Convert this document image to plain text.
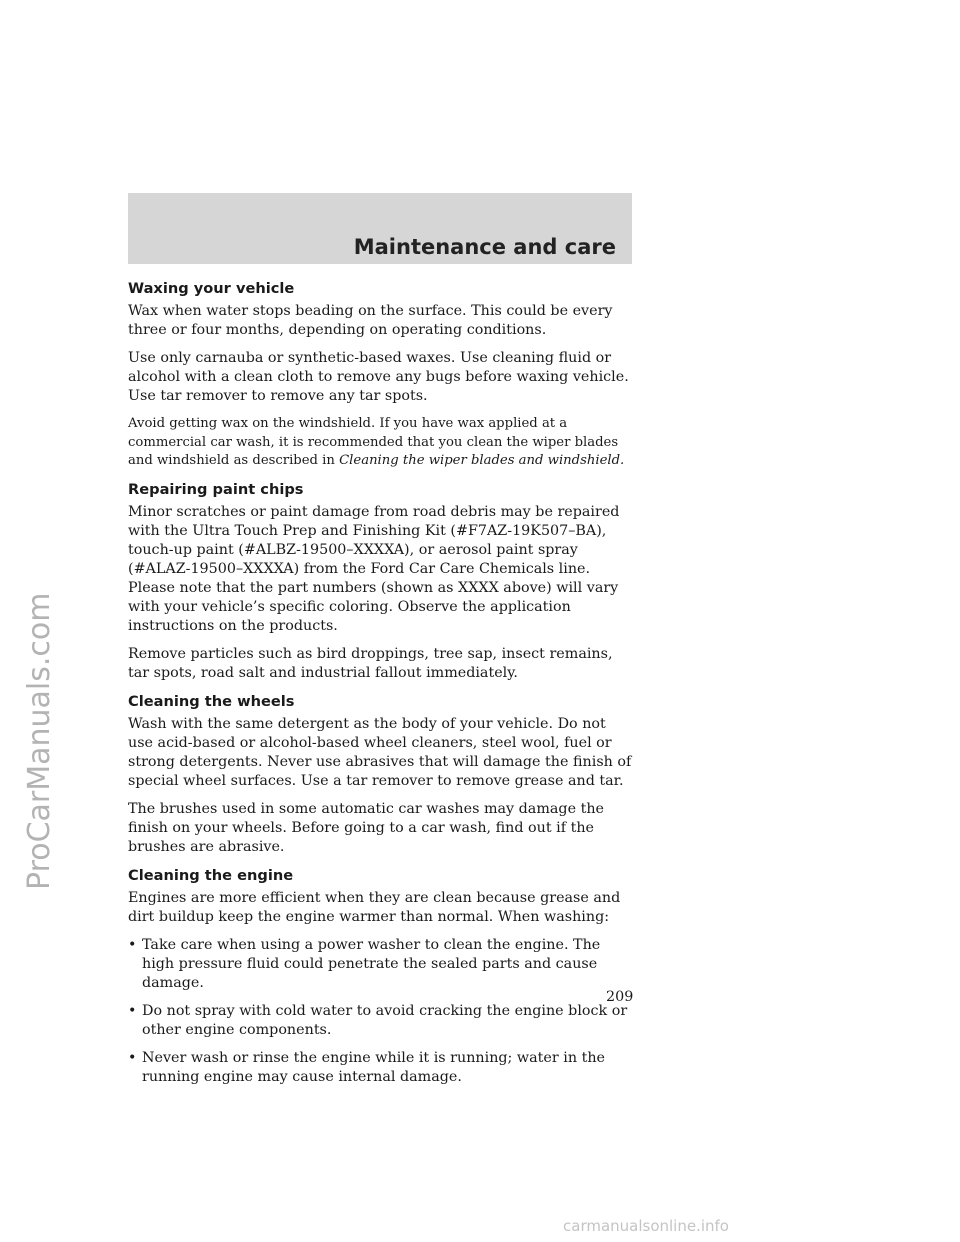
Maintenance and care
ProCarManuals.com
Waxing your vehicle

Wax when water stops beading on the surface. This could be every three or four months, depending on operating conditions.

Use only carnauba or synthetic-based waxes. Use cleaning fluid or alcohol with a clean cloth to remove any bugs before waxing vehicle. Use tar remover to remove any tar spots.

Avoid getting wax on the windshield. If you have wax applied at a commercial car wash, it is recommended that you clean the wiper blades and windshield as described in Cleaning the wiper blades and windshield.

Repairing paint chips

Minor scratches or paint damage from road debris may be repaired with the Ultra Touch Prep and Finishing Kit (#F7AZ-19K507–BA), touch-up paint (#ALBZ-19500–XXXXA), or aerosol paint spray (#ALAZ-19500–XXXXA) from the Ford Car Care Chemicals line. Please note that the part numbers (shown as XXXX above) will vary with your vehicle’s specific coloring. Observe the application instructions on the products.

Remove particles such as bird droppings, tree sap, insect remains, tar spots, road salt and industrial fallout immediately.

Cleaning the wheels

Wash with the same detergent as the body of your vehicle. Do not use acid-based or alcohol-based wheel cleaners, steel wool, fuel or strong detergents. Never use abrasives that will damage the finish of special wheel surfaces. Use a tar remover to remove grease and tar.

The brushes used in some automatic car washes may damage the finish on your wheels. Before going to a car wash, find out if the brushes are abrasive.

Cleaning the engine

Engines are more efficient when they are clean because grease and dirt buildup keep the engine warmer than normal. When washing:

• Take care when using a power washer to clean the engine. The high pressure fluid could penetrate the sealed parts and cause damage.
• Do not spray with cold water to avoid cracking the engine block or other engine components.
• Never wash or rinse the engine while it is running; water in the running engine may cause internal damage.
209
carmanualsonline.info
